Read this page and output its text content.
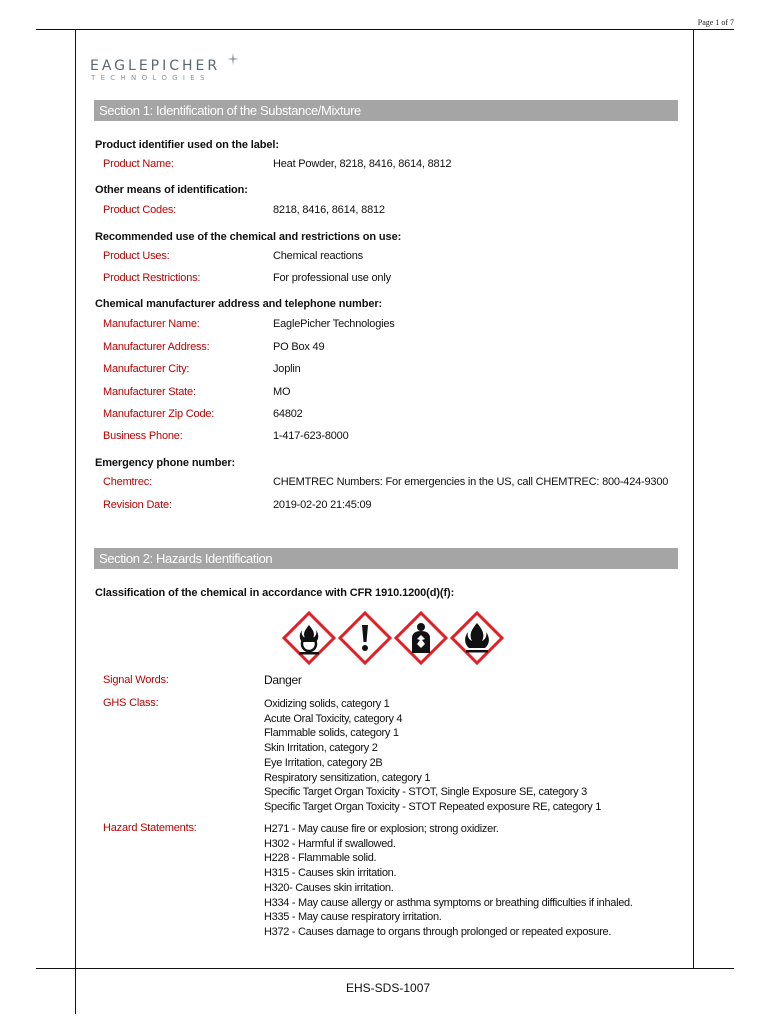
Page 1 of 7
EAGLEPICHER
TECHNOLOGIES
Section 1: Identification of the Substance/Mixture
Product identifier used on the label:
Product Name:	Heat Powder, 8218, 8416, 8614, 8812
Other means of identification:
Product Codes:	8218, 8416, 8614, 8812
Recommended use of the chemical and restrictions on use:
Product Uses:	Chemical reactions
Product Restrictions:	For professional use only
Chemical manufacturer address and telephone number:
Manufacturer Name:	EaglePicher Technologies
Manufacturer Address:	PO Box 49
Manufacturer City:	Joplin
Manufacturer State:	MO
Manufacturer Zip Code:	64802
Business Phone:	1-417-623-8000
Emergency phone number:
Chemtrec:	CHEMTREC Numbers: For emergencies in the US, call CHEMTREC: 800-424-9300
Revision Date:	2019-02-20 21:45:09
Section 2: Hazards Identification
Classification of the chemical in accordance with CFR 1910.1200(d)(f):
Signal Words:	Danger
GHS Class:	Oxidizing solids, category 1
Acute Oral Toxicity, category 4
Flammable solids, category 1
Skin Irritation, category 2
Eye Irritation, category 2B
Respiratory sensitization, category 1
Specific Target Organ Toxicity - STOT, Single Exposure SE, category 3
Specific Target Organ Toxicity - STOT Repeated exposure RE, category 1
Hazard Statements:	H271 - May cause fire or explosion; strong oxidizer.
H302 - Harmful if swallowed.
H228 - Flammable solid.
H315 - Causes skin irritation.
H320- Causes skin irritation.
H334 - May cause allergy or asthma symptoms or breathing difficulties if inhaled.
H335 - May cause respiratory irritation.
H372 - Causes damage to organs through prolonged or repeated exposure.
EHS-SDS-1007
